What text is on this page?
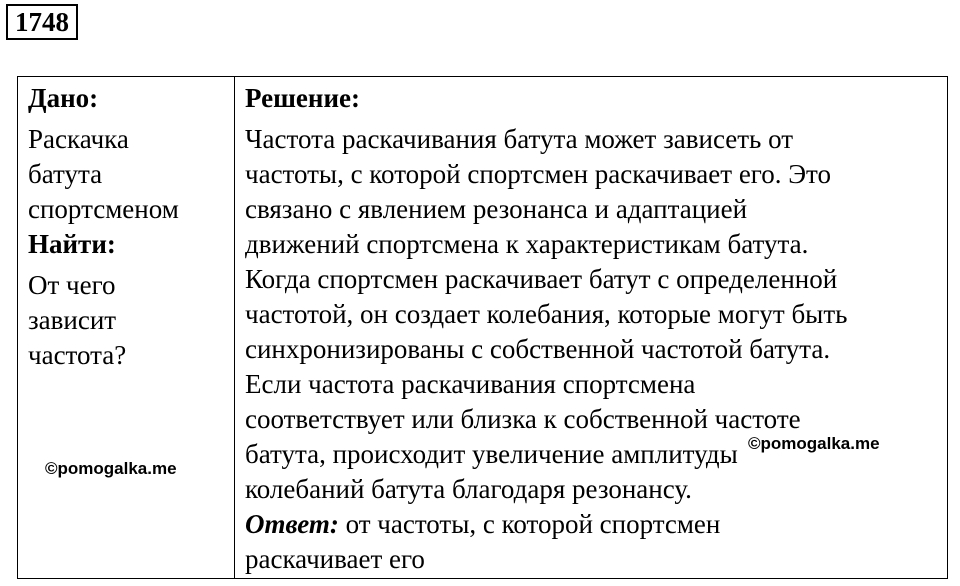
1748
Дано:
Раскачка
батута
спортсменом
Найти:
От чего
зависит
частота?
Решение:
Частота раскачивания батута может зависеть от
частоты, с которой спортсмен раскачивает его. Это
связано с явлением резонанса и адаптацией
движений спортсмена к характеристикам батута.
Когда спортсмен раскачивает батут с определенной
частотой, он создает колебания, которые могут быть
синхронизированы с собственной частотой батута.
Если частота раскачивания спортсмена
соответствует или близка к собственной частоте
батута, происходит увеличение амплитуды
колебаний батута благодаря резонансу.
Ответ: от частоты, с которой спортсмен
раскачивает его
©pomogalka.me
©pomogalka.me
